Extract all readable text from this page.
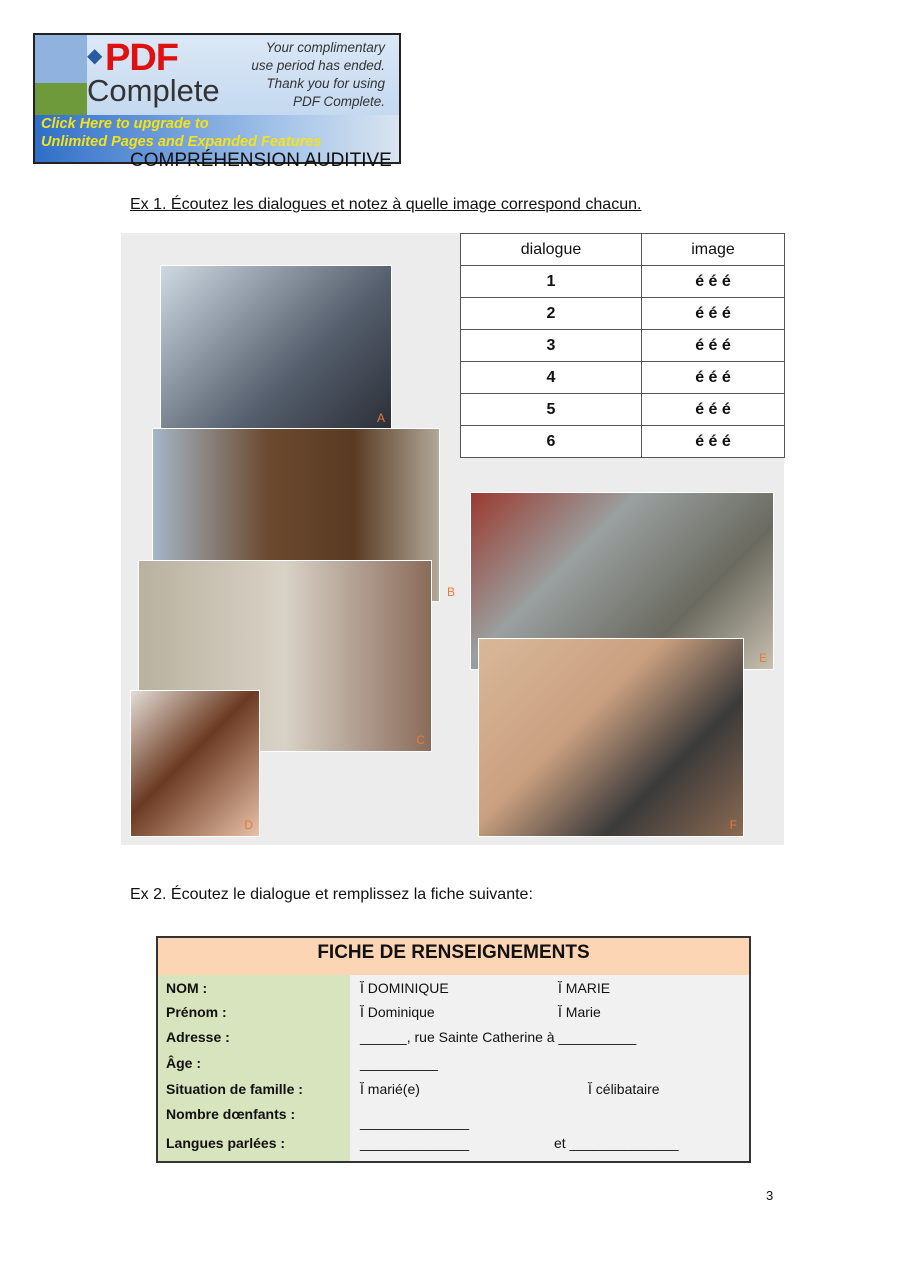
◆ PDF
Complete
Your complimentary
use period has ended.
Thank you for using
PDF Complete.
Click Here to upgrade to
Unlimited Pages and Expanded Features
COMPRÉHENSION AUDITIVE
Ex 1. Écoutez les dialogues et notez à quelle image correspond chacun.
A
B
C
D
E
F
dialogue	image
1	é é é
2	é é é
3	é é é
4	é é é
5	é é é
6	é é é
Ex 2. Écoutez le dialogue et remplissez la fiche suivante:
FICHE DE RENSEIGNEMENTS
NOM :	Ĭ DOMINIQUE	Ĭ MARIE
Prénom :	Ĭ Dominique	Ĭ Marie
Adresse :	______, rue Sainte Catherine à __________
Âge :	__________
Situation de famille :	Ĭ marié(e)	Ĭ célibataire
Nombre dœnfants :	______________
Langues parlées :	______________	et ______________
3
